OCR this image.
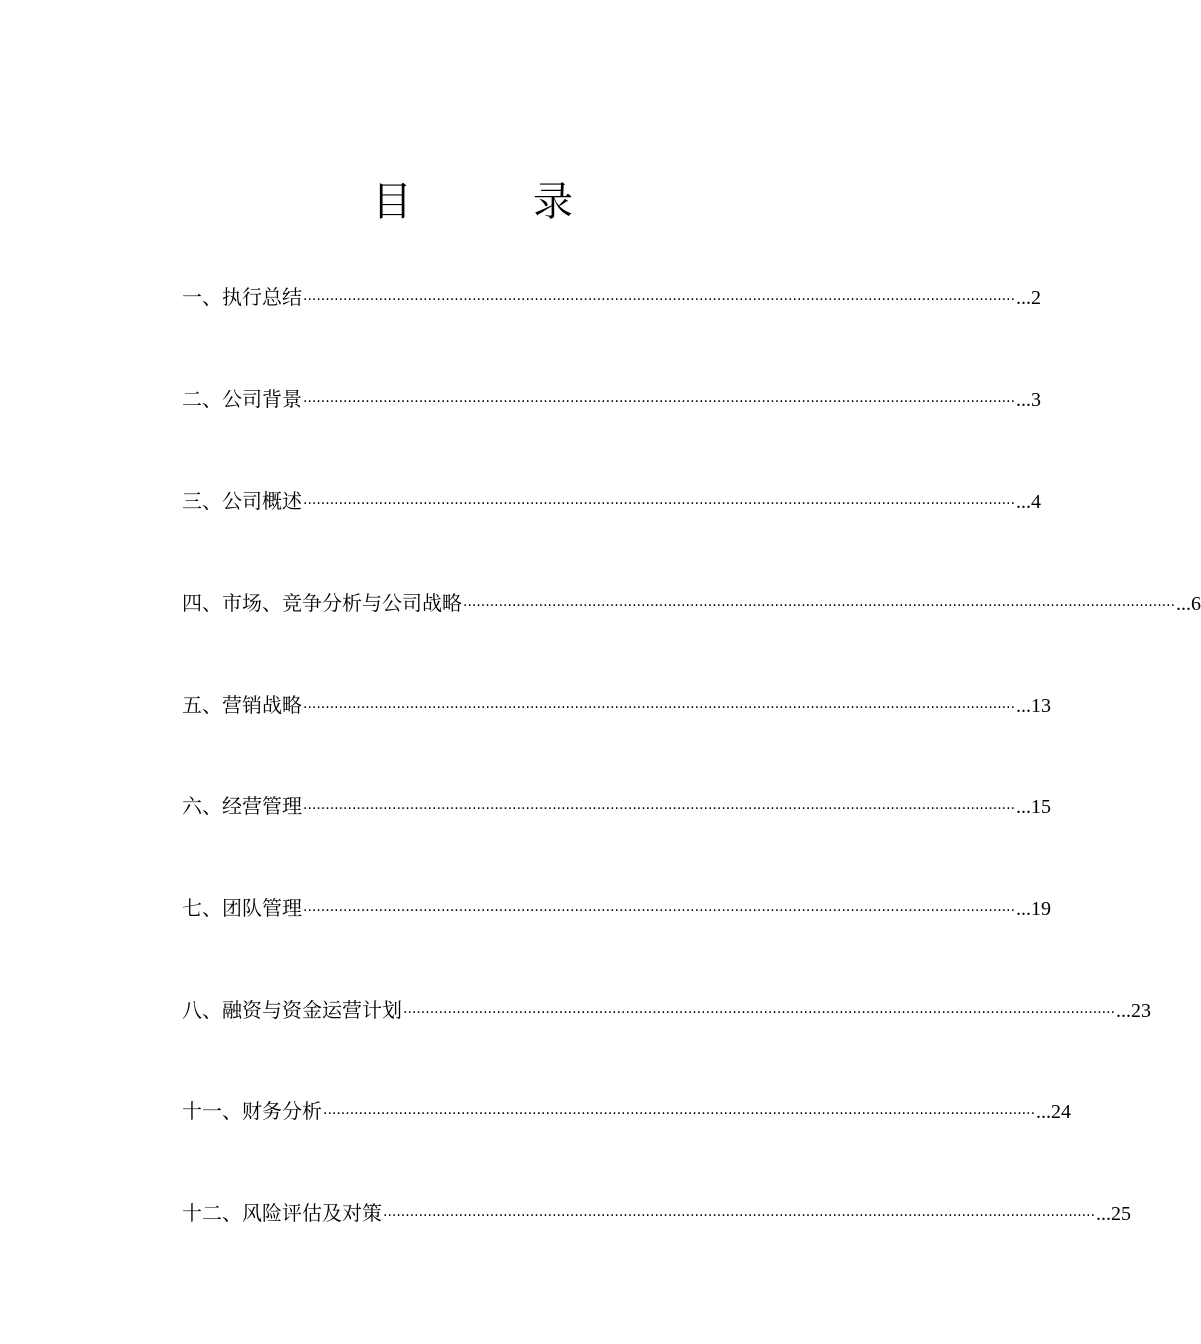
目	录
一、 执行总结 ································································································································································ ...2
二、 公司背景 ································································································································································ ...3
三、 公司概述 ································································································································································ ...4
四、 市场、竞争分析与公司战略 ································································································································································ ...6
五、 营销战略 ································································································································································ ...13
六、 经营管理 ································································································································································ ...15
七、 团队管理 ································································································································································ ...19
八、 融资与资金运营计划 ································································································································································ ...23
十一、 财务分析 ································································································································································ ...24
十二、 风险评估及对策 ································································································································································ ...25
